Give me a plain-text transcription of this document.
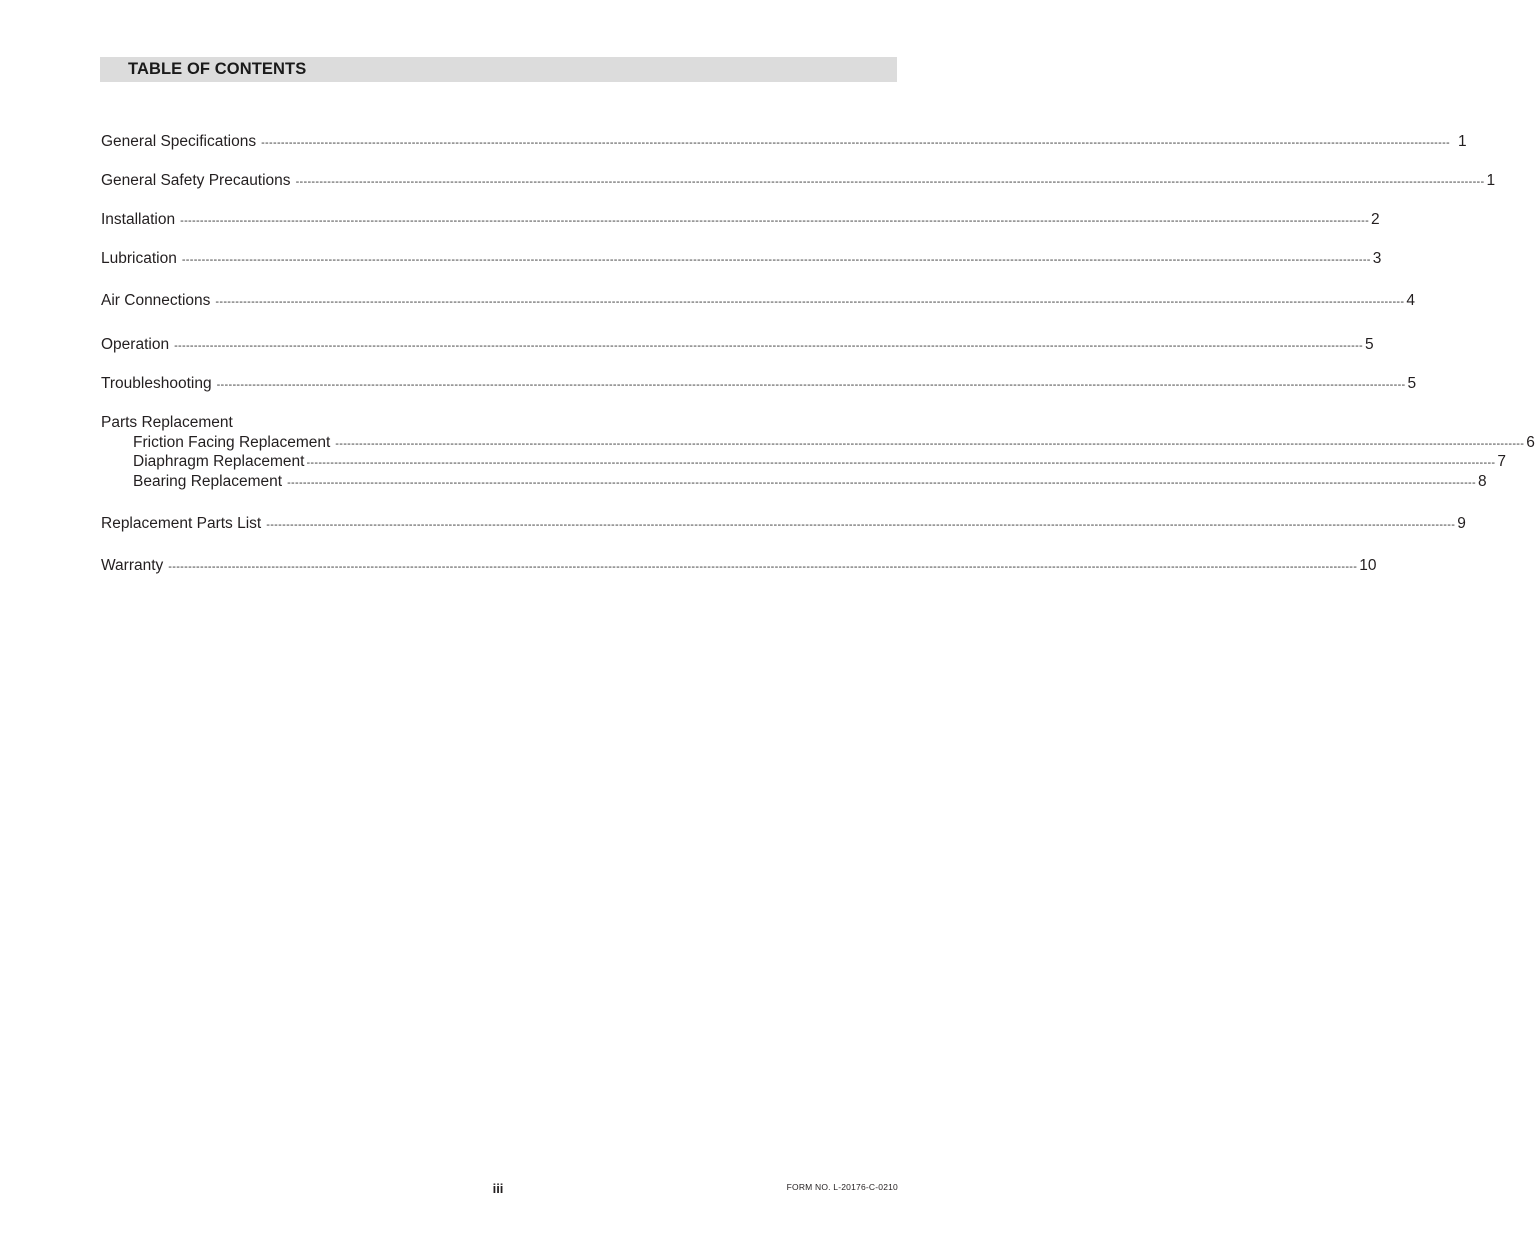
TABLE OF CONTENTS
General Specifications ------------------------------------------------------------------------------------------------------------------------------------------------------------------------------------------------------------------------------------------------------------------------------------------------------------ 1
General Safety Precautions ------------------------------------------------------------------------------------------------------------------------------------------------------------------------------------------------------------------------------------------------------------------------------------------------------------ 1
Installation ------------------------------------------------------------------------------------------------------------------------------------------------------------------------------------------------------------------------------------------------------------------------------------------------------------ 2
Lubrication ------------------------------------------------------------------------------------------------------------------------------------------------------------------------------------------------------------------------------------------------------------------------------------------------------------ 3
Air Connections ------------------------------------------------------------------------------------------------------------------------------------------------------------------------------------------------------------------------------------------------------------------------------------------------------------ 4
Operation ------------------------------------------------------------------------------------------------------------------------------------------------------------------------------------------------------------------------------------------------------------------------------------------------------------ 5
Troubleshooting ------------------------------------------------------------------------------------------------------------------------------------------------------------------------------------------------------------------------------------------------------------------------------------------------------------ 5
Parts Replacement
Friction Facing Replacement ------------------------------------------------------------------------------------------------------------------------------------------------------------------------------------------------------------------------------------------------------------------------------------------------------------ 6
Diaphragm Replacement ------------------------------------------------------------------------------------------------------------------------------------------------------------------------------------------------------------------------------------------------------------------------------------------------------------ 7
Bearing Replacement ------------------------------------------------------------------------------------------------------------------------------------------------------------------------------------------------------------------------------------------------------------------------------------------------------------ 8
Replacement Parts List ------------------------------------------------------------------------------------------------------------------------------------------------------------------------------------------------------------------------------------------------------------------------------------------------------------ 9
Warranty ------------------------------------------------------------------------------------------------------------------------------------------------------------------------------------------------------------------------------------------------------------------------------------------------------------ 10
iii	FORM NO. L-20176-C-0210
